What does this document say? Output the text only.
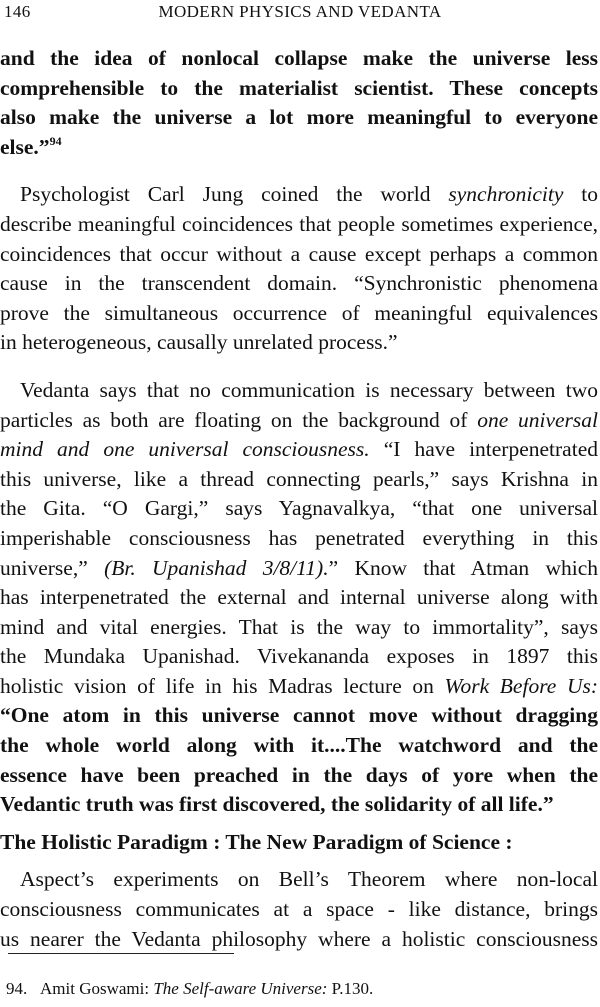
146	MODERN PHYSICS AND VEDANTA
and the idea of nonlocal collapse make the universe less
comprehensible to the materialist scientist. These concepts
also make the universe a lot more meaningful to everyone
else.”$^{94}$
Psychologist Carl Jung coined the world synchronicity to
describe meaningful coincidences that people sometimes experience,
coincidences that occur without a cause except perhaps a common
cause in the transcendent domain. “Synchronistic phenomena
prove the simultaneous occurrence of meaningful equivalences
in heterogeneous, causally unrelated process.”
Vedanta says that no communication is necessary between two
particles as both are floating on the background of one universal
mind and one universal consciousness. “I have interpenetrated
this universe, like a thread connecting pearls,” says Krishna in
the Gita. “O Gargi,” says Yagnavalkya, “that one universal
imperishable consciousness has penetrated everything in this
universe,” (Br. Upanishad 3/8/11).” Know that Atman which
has interpenetrated the external and internal universe along with
mind and vital energies. That is the way to immortality”, says
the Mundaka Upanishad. Vivekananda exposes in 1897 this
holistic vision of life in his Madras lecture on Work Before Us:
“One atom in this universe cannot move without dragging
the whole world along with it....The watchword and the
essence have been preached in the days of yore when the
Vedantic truth was first discovered, the solidarity of all life.”
The Holistic Paradigm : The New Paradigm of Science :
Aspect’s experiments on Bell’s Theorem where non-local
consciousness communicates at a space - like distance, brings
us nearer the Vedanta philosophy where a holistic consciousness
94. Amit Goswami: The Self-aware Universe: P.130.
